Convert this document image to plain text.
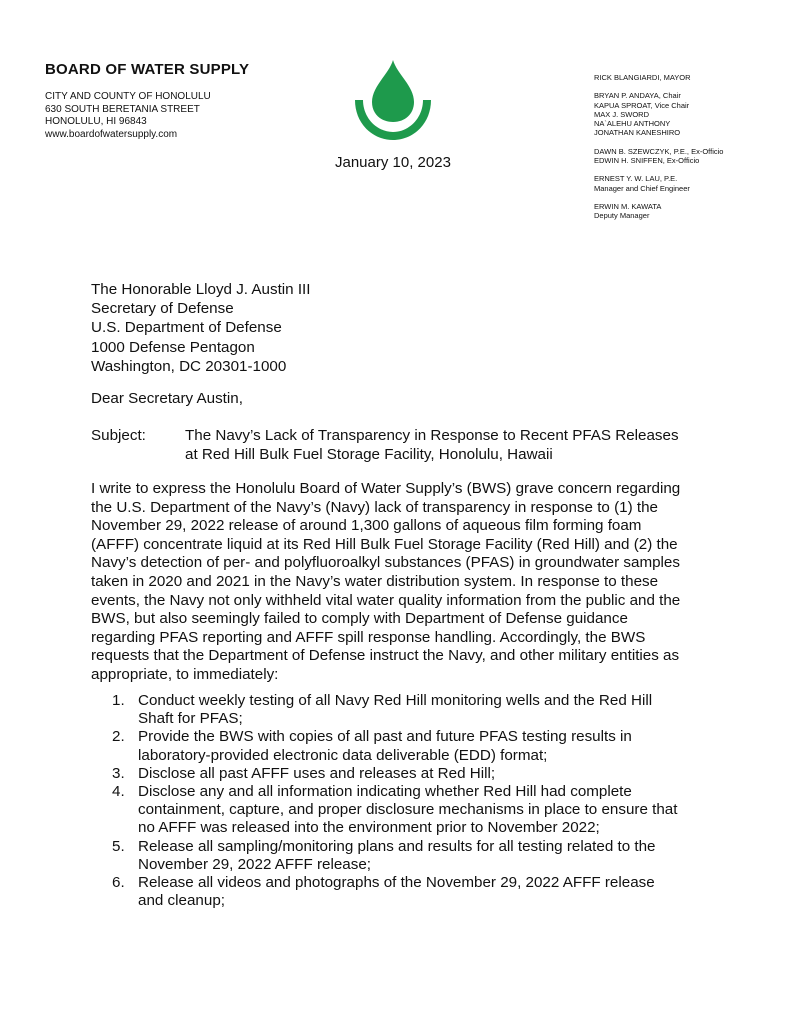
BOARD OF WATER SUPPLY
CITY AND COUNTY OF HONOLULU
630 SOUTH BERETANIA STREET
HONOLULU, HI 96843
www.boardofwatersupply.com
January 10, 2023
RICK BLANGIARDI, MAYOR
BRYAN P. ANDAYA, Chair
KAPUA SPROAT, Vice Chair
MAX J. SWORD
NA`ALEHU ANTHONY
JONATHAN KANESHIRO
DAWN B. SZEWCZYK, P.E., Ex-Officio
EDWIN H. SNIFFEN, Ex-Officio
ERNEST Y. W. LAU, P.E.
Manager and Chief Engineer
ERWIN M. KAWATA
Deputy Manager
The Honorable Lloyd J. Austin III
Secretary of Defense
U.S. Department of Defense
1000 Defense Pentagon
Washington, DC 20301-1000
Dear Secretary Austin,
Subject:	The Navy’s Lack of Transparency in Response to Recent PFAS Releases
at Red Hill Bulk Fuel Storage Facility, Honolulu, Hawaii
I write to express the Honolulu Board of Water Supply’s (BWS) grave concern regarding
the U.S. Department of the Navy’s (Navy) lack of transparency in response to (1) the
November 29, 2022 release of around 1,300 gallons of aqueous film forming foam
(AFFF) concentrate liquid at its Red Hill Bulk Fuel Storage Facility (Red Hill) and (2) the
Navy’s detection of per- and polyfluoroalkyl substances (PFAS) in groundwater samples
taken in 2020 and 2021 in the Navy’s water distribution system. In response to these
events, the Navy not only withheld vital water quality information from the public and the
BWS, but also seemingly failed to comply with Department of Defense guidance
regarding PFAS reporting and AFFF spill response handling. Accordingly, the BWS
requests that the Department of Defense instruct the Navy, and other military entities as
appropriate, to immediately:
1. Conduct weekly testing of all Navy Red Hill monitoring wells and the Red Hill
Shaft for PFAS;
2. Provide the BWS with copies of all past and future PFAS testing results in
laboratory-provided electronic data deliverable (EDD) format;
3. Disclose all past AFFF uses and releases at Red Hill;
4. Disclose any and all information indicating whether Red Hill had complete
containment, capture, and proper disclosure mechanisms in place to ensure that
no AFFF was released into the environment prior to November 2022;
5. Release all sampling/monitoring plans and results for all testing related to the
November 29, 2022 AFFF release;
6. Release all videos and photographs of the November 29, 2022 AFFF release
and cleanup;
